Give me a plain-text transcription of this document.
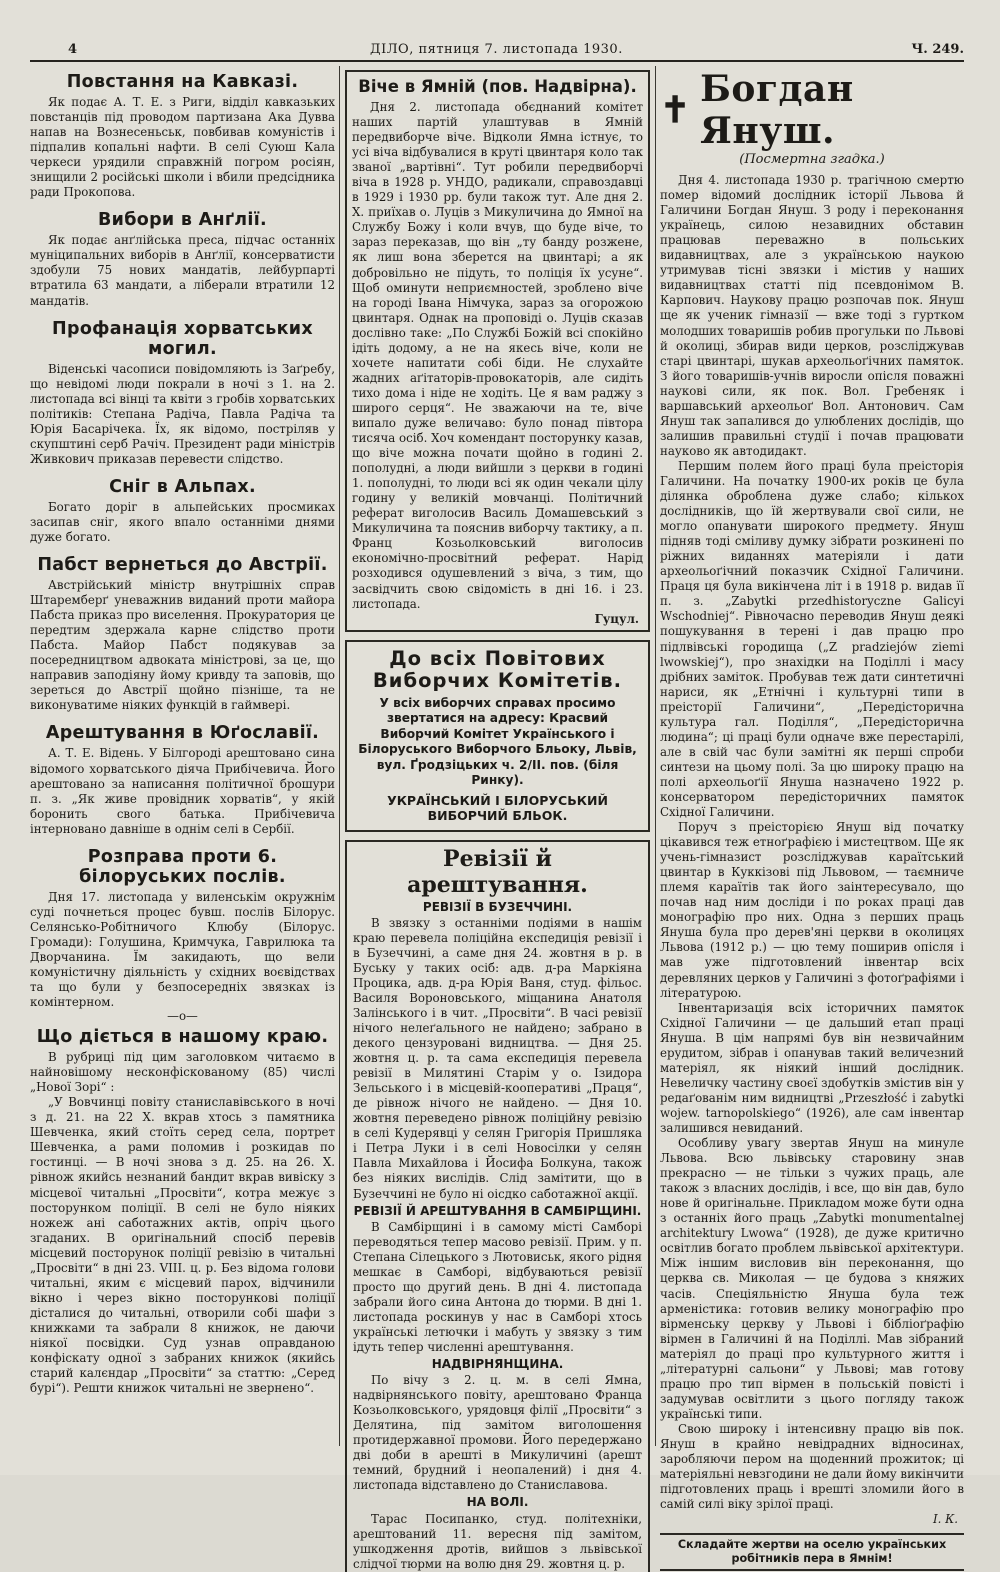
4	ДІЛО, пятниця 7. листопада 1930.	Ч. 249.
Повстання на Кавказі.

Як подає А. Т. Е. з Риги, відділ кавказьких повстанців під проводом партизана Ака Дувва напав на Вознесеньськ, повбивав комуністів і підпалив копальні нафти. В селі Суюш Кала черкеси урядили справжній погром росіян, знищили 2 російські школи і вбили предсідника ради Прокопова.

Вибори в Анґлії.

Як подає анґлійська преса, підчас останніх муніципальних виборів в Анґлії, консерватисти здобули 75 нових мандатів, лейбурпарті втратила 63 мандати, а ліберали втратили 12 мандатів.

Профанація хорватських могил.

Віденські часописи повідомляють із Заґребу, що невідомі люди покрали в ночі з 1. на 2. листопада всі вінці та квіти з гробів хорватських політиків: Степана Радіча, Павла Радіча та Юрія Басарічека. Їх, як відомо, постріляв у скупштині серб Рачіч. Президент ради міністрів Живкович приказав перевести слідство.

Сніг в Альпах.

Богато доріг в альпейських просмиках засипав сніг, якого впало останніми днями дуже богато.

Пабст вернеться до Австрії.

Австрійський міністр внутрішніх справ Штаремберґ уневажнив виданий проти майора Пабста приказ про виселення. Прокуратория це передтим здержала карне слідство проти Пабста. Майор Пабст подякував за посередництвом адвоката міністрові, за це, що направив заподіяну йому кривду та заповів, що зереться до Австрії щойно пізніше, та не виконуватиме ніяких функцій в гаймвері.

Арештування в Юґославії.

А. Т. Е. Відень. У Білгороді арештовано сина відомого хорватського діяча Прибічевича. Його арештовано за написання політичної брошури п. з. „Як живе провідник хорватів“, у якій боронить свого батька. Прибічевича інтерновано давніше в однім селі в Сербії.

Розправа проти 6. білоруських послів.

Дня 17. листопада у виленськім окружнім суді почнеться процес бувш. послів Білорус. Селянсько-Робітничого Клюбу (Білорус. Громади): Голушина, Кримчука, Гаврилюка та Дворчанина. Їм закидають, що вели комуністичну діяльність у східних воєвідствах та що були у безпосередніх звязках із комінтерном.

—о—
Що діється в нашому краю.

В рубриці під цим заголовком читаємо в найновішому несконфіскованому (85) числі „Нової Зорі“ :

„У Вовчинці повіту станиславівського в ночі з д. 21. на 22 Х. вкрав хтось з памятника Шевченка, який стоїть серед села, портрет Шевченка, а рами поломив і розкидав по гостинці. — В ночі знова з д. 25. на 26. Х. рівнож якийсь незнаний бандит вкрав вивіску з місцевої читальні „Просвіти“, котра межує з посторунком поліції. В селі не було ніяких ножеж ані саботажних актів, опріч цього згаданих. В оригінальний спосіб перевів місцевий посторунок поліції ревізію в читальні „Просвіти“ в дні 23. VIII. ц. р. Без відома голови читальні, яким є місцевий парох, відчинили вікно і через вікно посторункові поліції дісталися до читальні, отворили собі шафи з книжками та забрали 8 книжок, не даючи ніякої посвідки. Суд узнав оправданою конфіскату одної з забраних книжок (якийсь старий калєндар „Просвіти“ за статтю: „Серед бурі“). Решти книжок читальні не звернено“.

Віче в Ямній (пов. Надвірна).

Дня 2. листопада обєднаний комітет наших партій улаштував в Ямній передвиборче віче. Відколи Ямна істнує, то усі віча відбувалися в круті цвинтаря коло так званої „вартівні“. Тут робили передвиборчі віча в 1928 р. УНДО, радикали, справоздавці в 1929 і 1930 рр. були також тут. Але дня 2. Х. приїхав о. Луців з Микуличина до Ямної на Службу Божу і коли вчув, що буде віче, то зараз переказав, що він „ту банду розжене, як лиш вона зберется на цвинтарі; а як добровільно не підуть, то поліція їх усуне“. Щоб оминути неприємностей, зроблено віче на городі Івана Німчука, зараз за огорожою цвинтаря. Однак на проповіді о. Луців сказав дослівно таке: „По Службі Божій всі спокійно ідіть додому, а не на якесь віче, коли не хочете напитати собі біди. Не слухайте жадних аґітаторів-провокаторів, але сидіть тихо дома і ніде не ходіть. Це я вам раджу з широго серця“. Не зважаючи на те, віче випало дуже величаво: було понад півтора тисяча осіб. Хоч комендант посторунку казав, що віче можна почати щойно в годині 2. пополудні, а люди вийшли з церкви в годині 1. пополудні, то люди всі як один чекали цілу годину у великій мовчанці. Політичний реферат виголосив Василь Домашевський з Микуличина та пояснив виборчу тактику, а п. Франц Козьолковський виголосив економічно-просвітний реферат. Нарід розходився одушевлений з віча, з тим, що засвідчить свою свідомість в дні 16. і 23. листопада.

Гуцул.
До всіх Повітових Виборчих Комітетів.
У всіх виборчих справах просимо звертатися на адресу: Красвий Виборчий Комітет Українського і Білоруського Виборчого Бльоку, Львів, вул. Ґродзіцьких ч. 2/ІІ. пов. (біля Ринку).
УКРАЇНСЬКИЙ І БІЛОРУСЬКИЙ ВИБОРЧИЙ БЛЬОК.
Ревізії й арештування.
РЕВІЗІЇ В БУЗЕЧЧИНІ.

В звязку з останніми подіями в нашім краю перевела поліційна експедиція ревізії і в Бузеччині, а саме дня 24. жовтня в р. в Буську у таких осіб: адв. д-ра Маркіяна Процика, адв. д-ра Юрія Ваня, студ. фільос. Василя Вороновського, міщанина Анатоля Залінського і в чит. „Просвіти“. В часі ревізії нічого нелеґального не найдено; забрано в декого цензуровані видництва. — Дня 25. жовтня ц. р. та сама експедиція перевела ревізії в Милятині Старім у о. Ізидора Зельського і в місцевій-кооперативі „Праця“, де рівнож нічого не найдено. — Дня 10. жовтня переведено рівнож поліційну ревізію в селі Кудерявці у селян Григорія Пришляка і Петра Луки і в селі Новосілки у селян Павла Михайлова і Йосифа Болкуна, також без ніяких вислідів. Слід замітити, що в Бузеччині не було ні оісдко саботажної акції.

РЕВІЗІЇ Й АРЕШТУВАННЯ В САМБІРЩИНІ.

В Самбірщині і в самому місті Самборі переводяться тепер масово ревізії. Прим. у п. Степана Сілецького з Лютовиськ, якого рідня мешкає в Самборі, відбуваються ревізії просто що другий день. В дні 4. листопада забрали його сина Антона до тюрми. В дні 1. листопада роскинув у нас в Самборі хтось українські летючки і мабуть у звязку з тим ідуть тепер численні арештування.

НАДВІРНЯНЩИНА.

По вічу з 2. ц. м. в селі Ямна, надвірнянського повіту, арештовано Франца Козьолковського, урядовця філії „Просвіти“ з Делятина, під замітом виголошення протидержавної промови. Його передержано дві доби в арешті в Микуличині (арешт темний, брудний і неопалений) і дня 4. листопада відставлено до Станиславова.

НА ВОЛІ.

Тарас Посипанко, студ. політехніки, арештований 11. вересня під замітом, ушкодження дротів, вийшов з львівської слідчої тюрми на волю дня 29. жовтня ц. р.

✝ Богдан Януш.
(Посмертна згадка.)

Дня 4. листопада 1930 р. трагічною смертю помер відомий дослідник історії Львова й Галичини Богдан Януш. З роду і переконання українець, силою незавидних обставин працював переважно в польських видавництвах, але з українською наукою утримував тісні звязки і містив у наших видавництвах статті під псевдонімом В. Карпович. Наукову працю розпочав пок. Януш ще як ученик гімназії — вже тоді з гуртком молодших товаришів робив прогульки по Львові й околиці, збирав види церков, розсліджував старі цвинтарі, шукав археольоґічних памяток. З його товаришів-учнів виросли опісля поважні наукові сили, як пок. Вол. Гребеняк і варшавський археольоґ Вол. Антонович. Сам Януш так запалився до улюблених дослідів, що залишив правильні студії і почав працювати науково як автодидакт.

Першим полем його праці була преісторія Галичини. На початку 1900-их років це була ділянка оброблена дуже слабо; кількох дослідників, що їй жертвували свої сили, не могло опанувати широкого предмету. Януш підняв тоді сміливу думку зібрати розкинені по ріжних виданнях матеріяли і дати археольоґічний показчик Східної Галичини. Праця ця була викінчена літ і в 1918 р. видав її п. з. „Zabytki przedhistoryczne Galicyi Wschodniej“. Рівночасно переводив Януш деякі пошукування в терені і дав працю про підлвівські городища („Z pradziejów ziemi lwowskiej“), про знахідки на Поділлі і масу дрібних заміток. Пробував теж дати синтетичні нариси, як „Етнічні і культурні типи в преісторії Галичини“, „Передісторична культура гал. Поділля“, „Передісторична людина“; ці праці були одначе вже перестарілі, але в свій час були замітні як перші спроби синтези на цьому полі. За цю широку працю на полі археольоґії Януша назначено 1922 р. консерватором передісторичних памяток Східної Галичини.

Поруч з преісторією Януш від початку цікавився теж етноґрафією і мистецтвом. Ще як учень-гімназист розсліджував караїтський цвинтар в Куккізові під Львовом, — таємниче племя караїтів так його заінтересувало, що почав над ним досліди і по роках праці дав монографію про них. Одна з перших праць Януша була про дерев'яні церкви в околицях Львова (1912 р.) — цю тему поширив опісля і мав уже підготовлений інвентар всіх деревляних церков у Галичині з фотоґрафіями і літературою.

Інвентаризація всіх історичних памяток Східної Галичини — це дальший етап праці Януша. В цім напрямі був він незвичайним ерудитом, зібрав і опанував такий величезний матеріял, як ніякий інший дослідник. Невеличку частину своєї здобутків змістив він у редаґованім ним видництві „Przeszłość i zabytki wojew. tarnopolskiego“ (1926), але сам інвентар залишився невиданий.

Особливу увагу звертав Януш на минуле Львова. Всю львівську старовину знав прекрасно — не тільки з чужих праць, але також з власних дослідів, і все, що він дав, було нове й оригінальне. Прикладом може бути одна з останніх його праць „Zabytki monumentalnej architektury Lwowa“ (1928), де дуже критично освітлив богато проблем львівської архітектури. Між іншим висловив він переконання, що церква св. Миколая — це будова з княжих часів. Спеціяльністю Януша була теж арменістика: готовив велику монографію про вірменську церкву у Львові і бібліоґрафію вірмен в Галичині й на Поділлі. Мав зібраний матеріял до праці про культурного життя і „літературні сальони“ у Львові; мав готову працю про тип вірмен в польській повісті і задумував освітлити з цього погляду також українські типи.

Свою широку і інтенсивну працю вів пок. Януш в крайно невідрадних відносинах, заробляючи пером на щоденний прожиток; ці матеріяльні невзгодини не дали йому викінчити підготовлених праць і врешті зломили його в самій силі віку зрілої праці.

І. К.
Складайте жертви на оселю українських робітників пера в Ямнім!
